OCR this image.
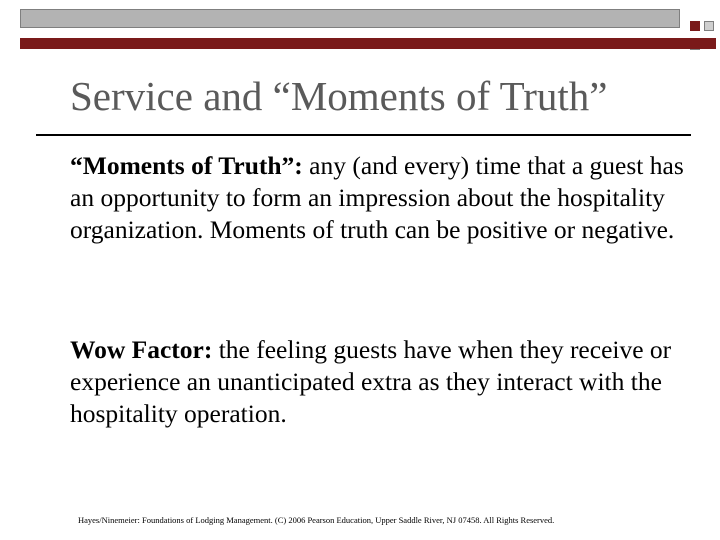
Service and “Moments of Truth”

“Moments of Truth”: any (and every) time that a guest has an opportunity to form an impression about the hospitality organization. Moments of truth can be positive or negative.

Wow Factor: the feeling guests have when they receive or experience an unanticipated extra as they interact with the hospitality operation.

Hayes/Ninemeier: Foundations of Lodging Management. (C) 2006 Pearson Education, Upper Saddle River, NJ 07458. All Rights Reserved.
